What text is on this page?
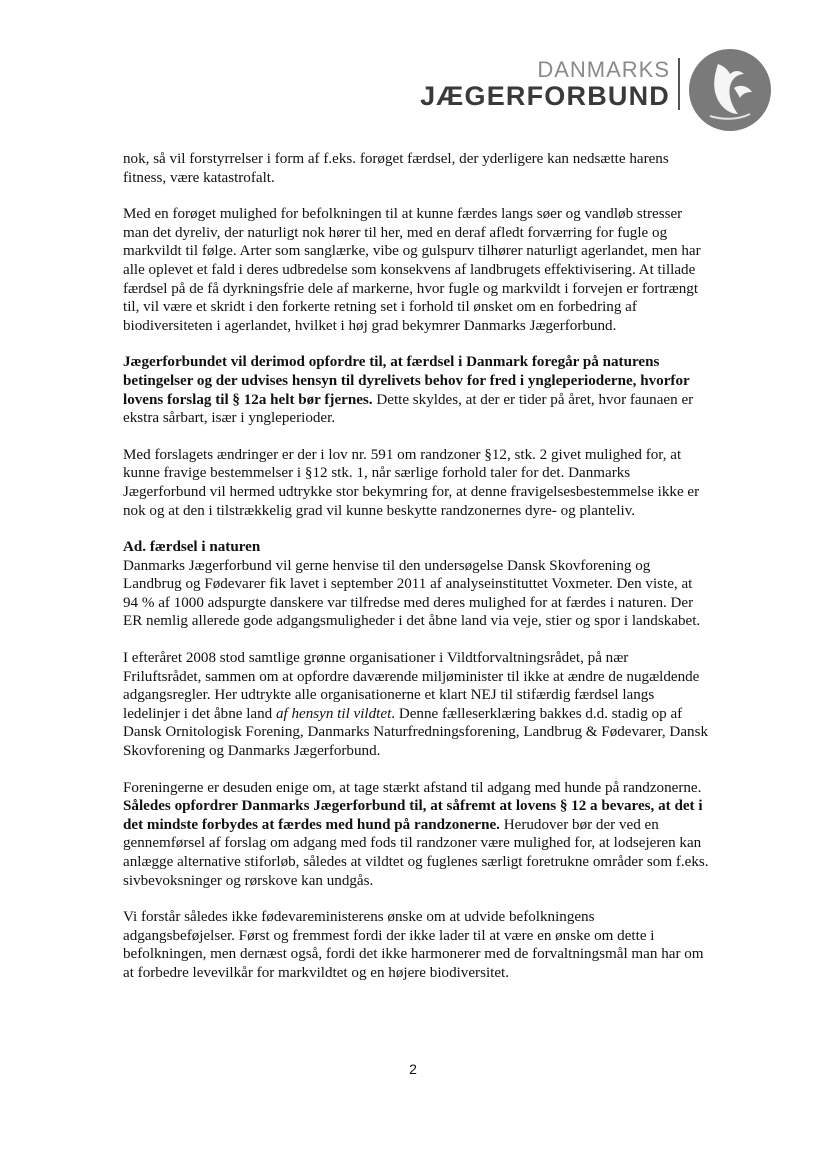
DANMARKS
JÆGERFORBUND

nok, så vil forstyrrelser i form af f.eks. forøget færdsel, der yderligere kan nedsætte harens fitness, være katastrofalt.

Med en forøget mulighed for befolkningen til at kunne færdes langs søer og vandløb stresser man det dyreliv, der naturligt nok hører til her, med en deraf afledt forværring for fugle og markvildt til følge. Arter som sanglærke, vibe og gulspurv tilhører naturligt agerlandet, men har alle oplevet et fald i deres udbredelse som konsekvens af landbrugets effektivisering. At tillade færdsel på de få dyrkningsfrie dele af markerne, hvor fugle og markvildt i forvejen er fortrængt til, vil være et skridt i den forkerte retning set i forhold til ønsket om en forbedring af biodiversiteten i agerlandet, hvilket i høj grad bekymrer Danmarks Jægerforbund.

Jægerforbundet vil derimod opfordre til, at færdsel i Danmark foregår på naturens betingelser og der udvises hensyn til dyrelivets behov for fred i yngleperioderne, hvorfor lovens forslag til § 12a helt bør fjernes. Dette skyldes, at der er tider på året, hvor faunaen er ekstra sårbart, især i yngleperioder.

Med forslagets ændringer er der i lov nr. 591 om randzoner §12, stk. 2 givet mulighed for, at kunne fravige bestemmelser i §12 stk. 1, når særlige forhold taler for det. Danmarks Jægerforbund vil hermed udtrykke stor bekymring for, at denne fravigelsesbestemmelse ikke er nok og at den i tilstrækkelig grad vil kunne beskytte randzonernes dyre- og planteliv.

Ad. færdsel i naturen
Danmarks Jægerforbund vil gerne henvise til den undersøgelse Dansk Skovforening og Landbrug og Fødevarer fik lavet i september 2011 af analyseinstituttet Voxmeter. Den viste, at 94 % af 1000 adspurgte danskere var tilfredse med deres mulighed for at færdes i naturen. Der ER nemlig allerede gode adgangsmuligheder i det åbne land via veje, stier og spor i landskabet.

I efteråret 2008 stod samtlige grønne organisationer i Vildtforvaltningsrådet, på nær Friluftsrådet, sammen om at opfordre daværende miljøminister til ikke at ændre de nugældende adgangsregler. Her udtrykte alle organisationerne et klart NEJ til stifærdig færdsel langs ledelinjer i det åbne land af hensyn til vildtet. Denne fælleserklæring bakkes d.d. stadig op af Dansk Ornitologisk Forening, Danmarks Naturfredningsforening, Landbrug & Fødevarer, Dansk Skovforening og Danmarks Jægerforbund.

Foreningerne er desuden enige om, at tage stærkt afstand til adgang med hunde på randzonerne. Således opfordrer Danmarks Jægerforbund til, at såfremt at lovens § 12 a bevares, at det i det mindste forbydes at færdes med hund på randzonerne. Herudover bør der ved en gennemførsel af forslag om adgang med fods til randzoner være mulighed for, at lodsejeren kan anlægge alternative stiforløb, således at vildtet og fuglenes særligt foretrukne områder som f.eks. sivbevoksninger og rørskove kan undgås.

Vi forstår således ikke fødevareministerens ønske om at udvide befolkningens adgangsbeføjelser. Først og fremmest fordi der ikke lader til at være en ønske om dette i befolkningen, men dernæst også, fordi det ikke harmonerer med de forvaltningsmål man har om at forbedre levevilkår for markvildtet og en højere biodiversitet.

2
